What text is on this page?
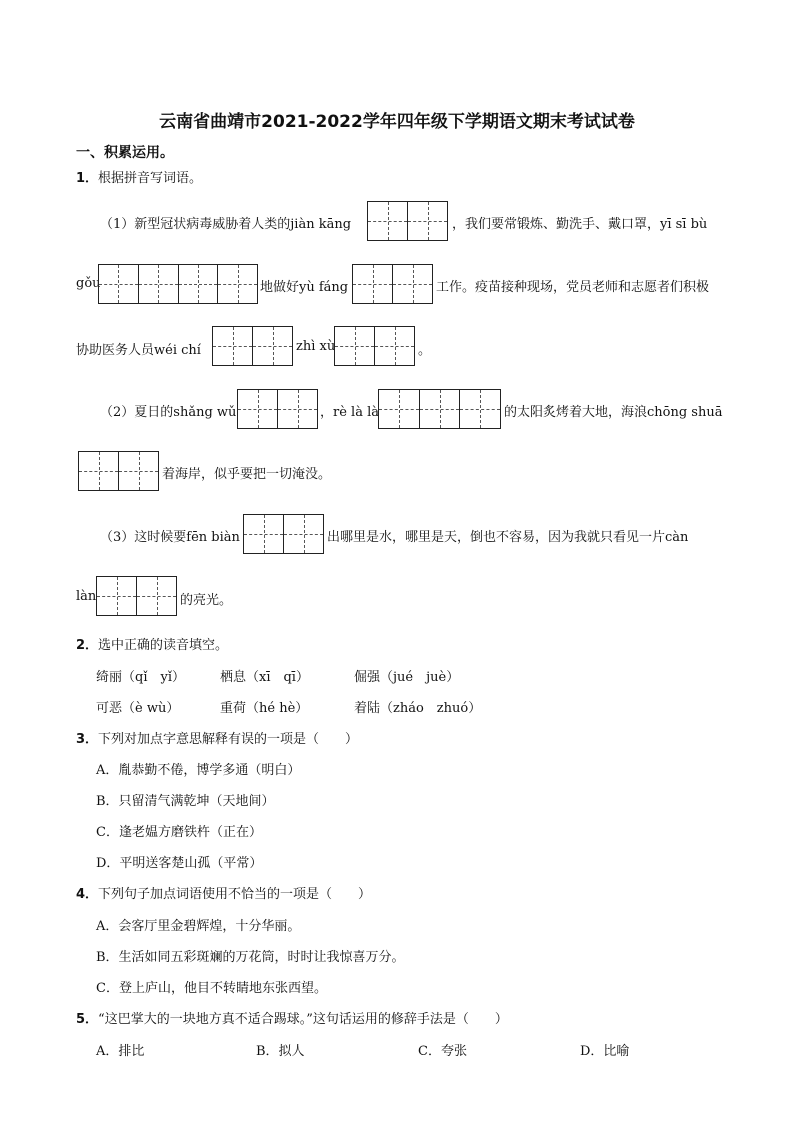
云南省曲靖市2021-2022学年四年级下学期语文期末考试试卷
一、积累运用。
1．根据拼音写词语。
（1）新型冠状病毒威胁着人类的jiàn kāng	，我们要常锻炼、勤洗手、戴口罩，yī sī bù
gǒu	地做好yù fáng	工作。疫苗接种现场，党员老师和志愿者们积极
协助医务人员wéi chí	zhì xù	。
（2）夏日的shǎng wǔ	，rè là là	的太阳炙烤着大地，海浪chōng shuā
着海岸，似乎要把一切淹没。
（3）这时候要fēn biàn	出哪里是水，哪里是天，倒也不容易，因为我就只看见一片càn
làn	的亮光。
2．选中正确的读音填空。
绮丽（qǐ　yǐ）	栖息（xī　qī）	倔强（jué　juè）
可恶（è wù）	重荷（hé hè）	着陆（zháo　zhuó）
3．下列对加点字意思解释有误的一项是（　　）
A．胤恭勤不倦，博学多通（明白）
B．只留清气满乾坤（天地间）
C．逢老媪方磨铁杵（正在）
D．平明送客楚山孤（平常）
4．下列句子加点词语使用不恰当的一项是（　　）
A．会客厅里金碧辉煌，十分华丽。
B．生活如同五彩斑斓的万花筒，时时让我惊喜万分。
C．登上庐山，他目不转睛地东张西望。
5．“这巴掌大的一块地方真不适合踢球。”这句话运用的修辞手法是（　　）
A．排比	B．拟人	C．夸张	D．比喻
